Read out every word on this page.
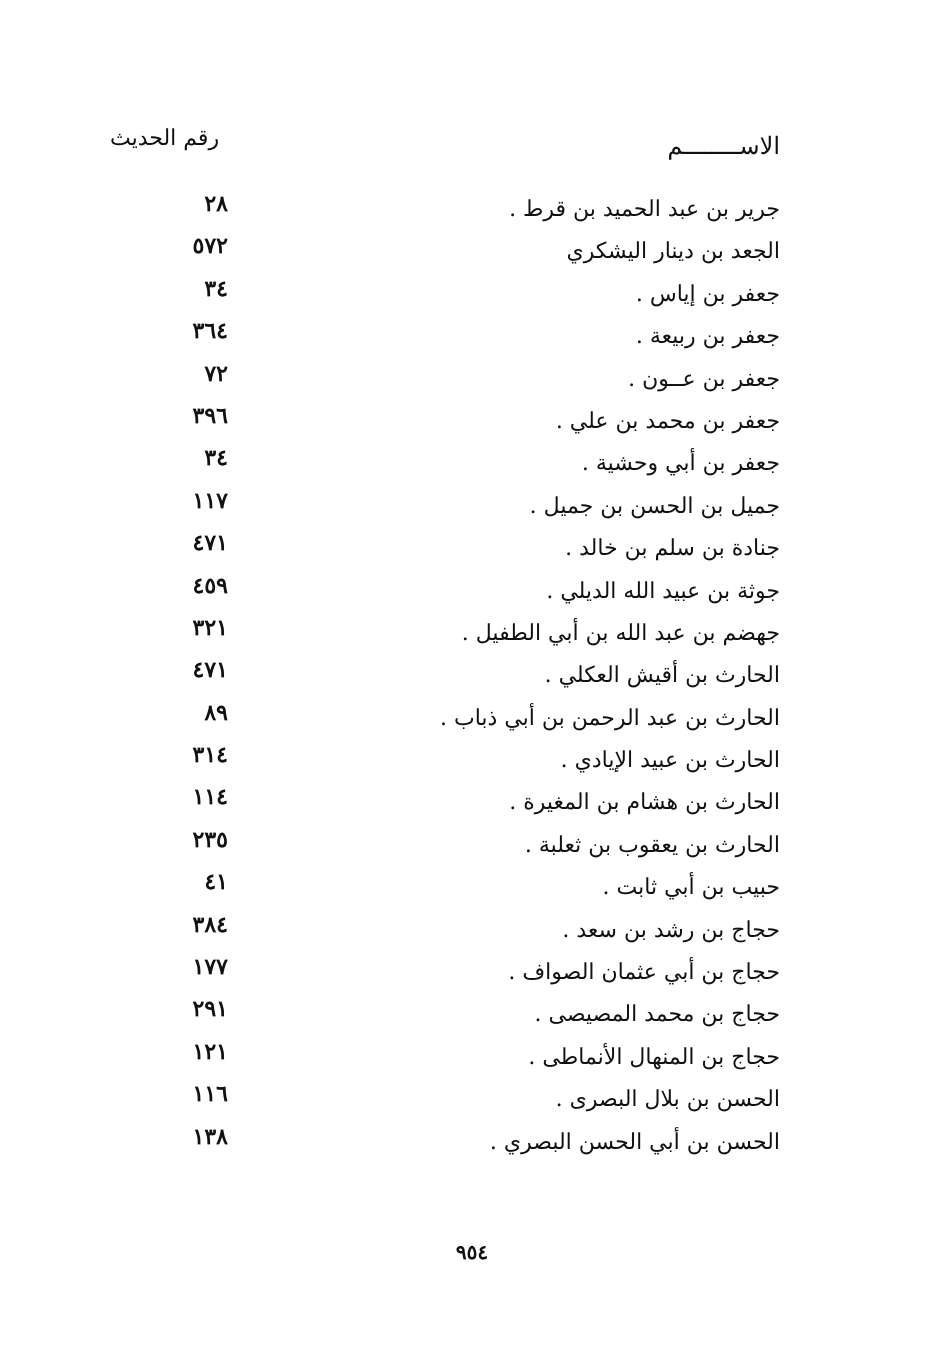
الاســــــــم
رقم الحديث
جرير بن عبد الحميد بن قرط .
٢٨
الجعد بن دينار اليشكري
٥٧٢
جعفر بن إياس .
٣٤
جعفر بن ربيعة .
٣٦٤
جعفر بن عــون .
٧٢
جعفر بن محمد بن علي .
٣٩٦
جعفر بن أبي وحشية .
٣٤
جميل بن الحسن بن جميل .
١١٧
جنادة بن سلم بن خالد .
٤٧١
جوثة بن عبيد الله الديلي .
٤٥٩
جهضم بن عبد الله بن أبي الطفيل .
٣٢١
الحارث بن أقيش العكلي .
٤٧١
الحارث بن عبد الرحمن بن أبي ذباب .
٨٩
الحارث بن عبيد الإيادي .
٣١٤
الحارث بن هشام بن المغيرة .
١١٤
الحارث بن يعقوب بن ثعلبة .
٢٣٥
حبيب بن أبي ثابت .
٤١
حجاج بن رشد بن سعد .
٣٨٤
حجاج بن أبي عثمان الصواف .
١٧٧
حجاج بن محمد المصيصى .
٢٩١
حجاج بن المنهال الأنماطى .
١٢١
الحسن بن بلال البصرى .
١١٦
الحسن بن أبي الحسن البصري .
١٣٨
٩٥٤
